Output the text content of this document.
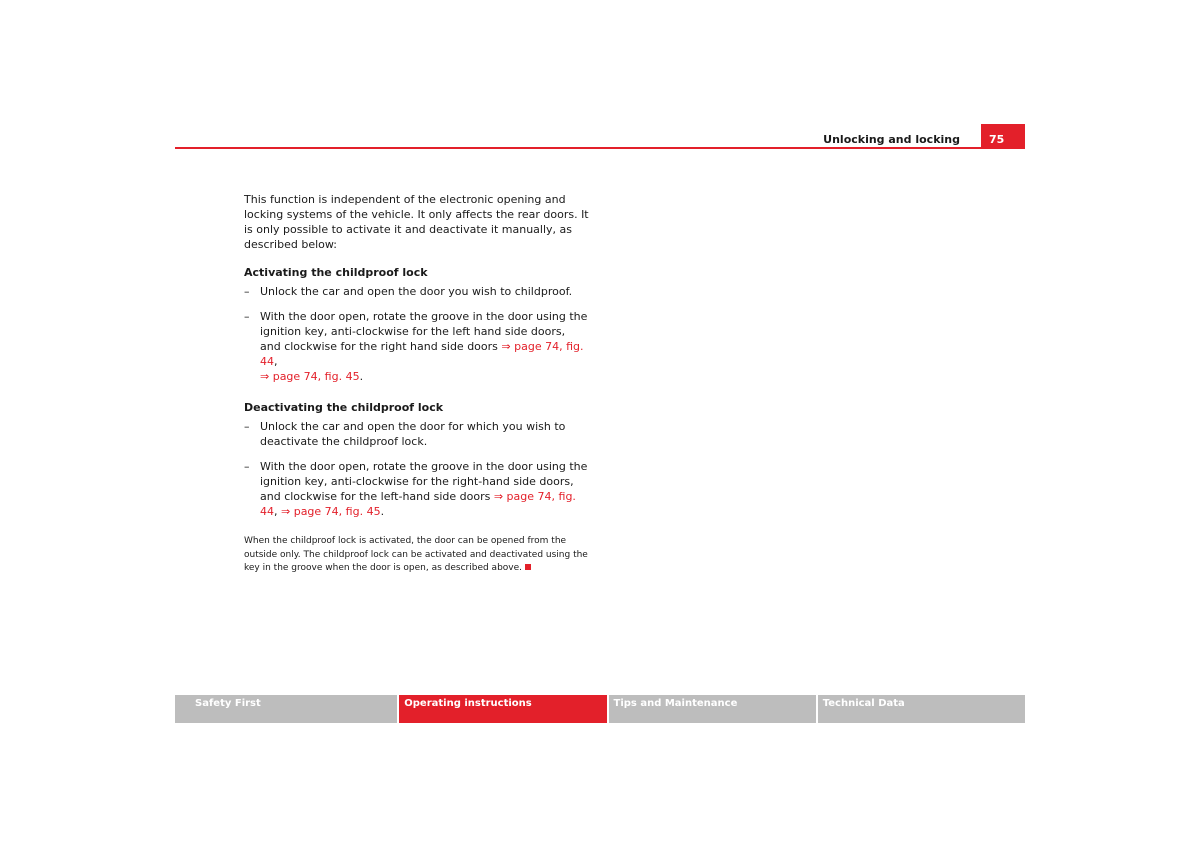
Unlocking and locking	75

This function is independent of the electronic opening and locking systems of the vehicle. It only affects the rear doors. It is only possible to activate it and deactivate it manually, as described below:

Activating the childproof lock

– Unlock the car and open the door you wish to childproof.

– With the door open, rotate the groove in the door using the ignition key, anti-clockwise for the left hand side doors, and clockwise for the right hand side doors ⇒ page 74, fig. 44,
⇒ page 74, fig. 45.

Deactivating the childproof lock

– Unlock the car and open the door for which you wish to deactivate the childproof lock.

– With the door open, rotate the groove in the door using the ignition key, anti-clockwise for the right-hand side doors, and clockwise for the left-hand side doors ⇒ page 74, fig. 44, ⇒ page 74, fig. 45.

When the childproof lock is activated, the door can be opened from the outside only. The childproof lock can be activated and deactivated using the key in the groove when the door is open, as described above.

Safety First	Operating instructions	Tips and Maintenance	Technical Data
